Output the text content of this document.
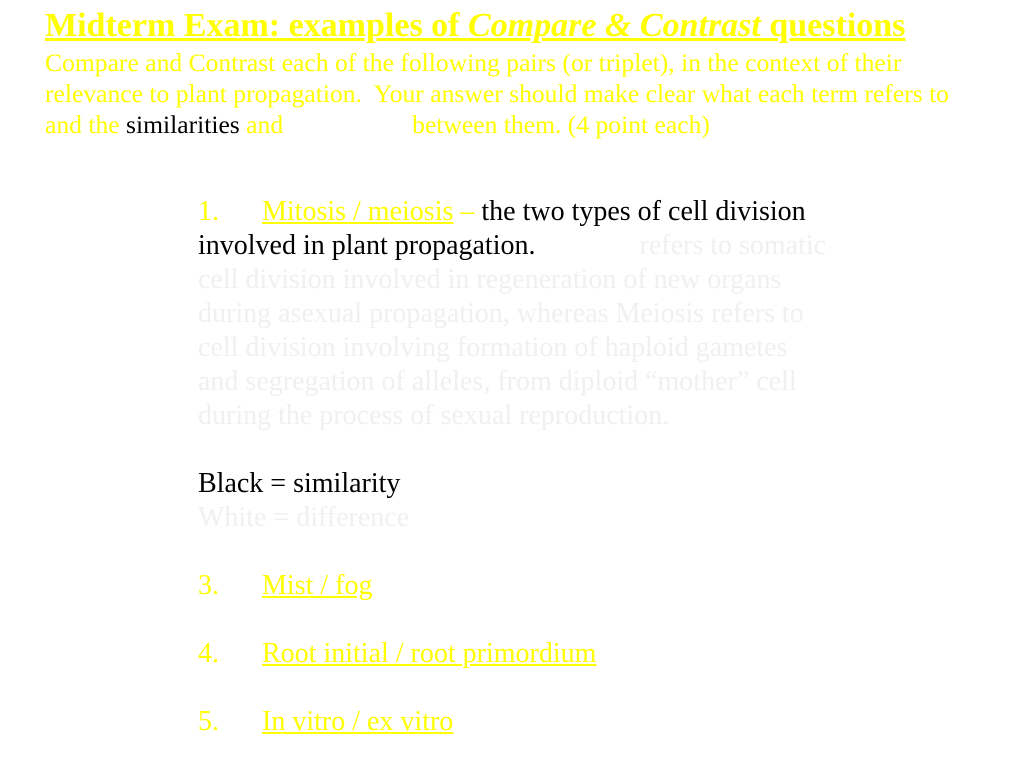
Midterm Exam: examples of Compare & Contrast questions
Compare and Contrast each of the following pairs (or triplet), in the context of their
relevance to plant propagation.  Your answer should make clear what each term refers to
and the similarities and	between them. (4 point each)
1. Mitosis / meiosis – the two types of cell division
involved in plant propagation.	refers to somatic
cell division involved in regeneration of new organs
during asexual propagation, whereas Meiosis refers to
cell division involving formation of haploid gametes
and segregation of alleles, from diploid “mother” cell
during the process of sexual reproduction.
Black = similarity
White = difference
3. Mist / fog
4. Root initial / root primordium
5. In vitro / ex vitro
